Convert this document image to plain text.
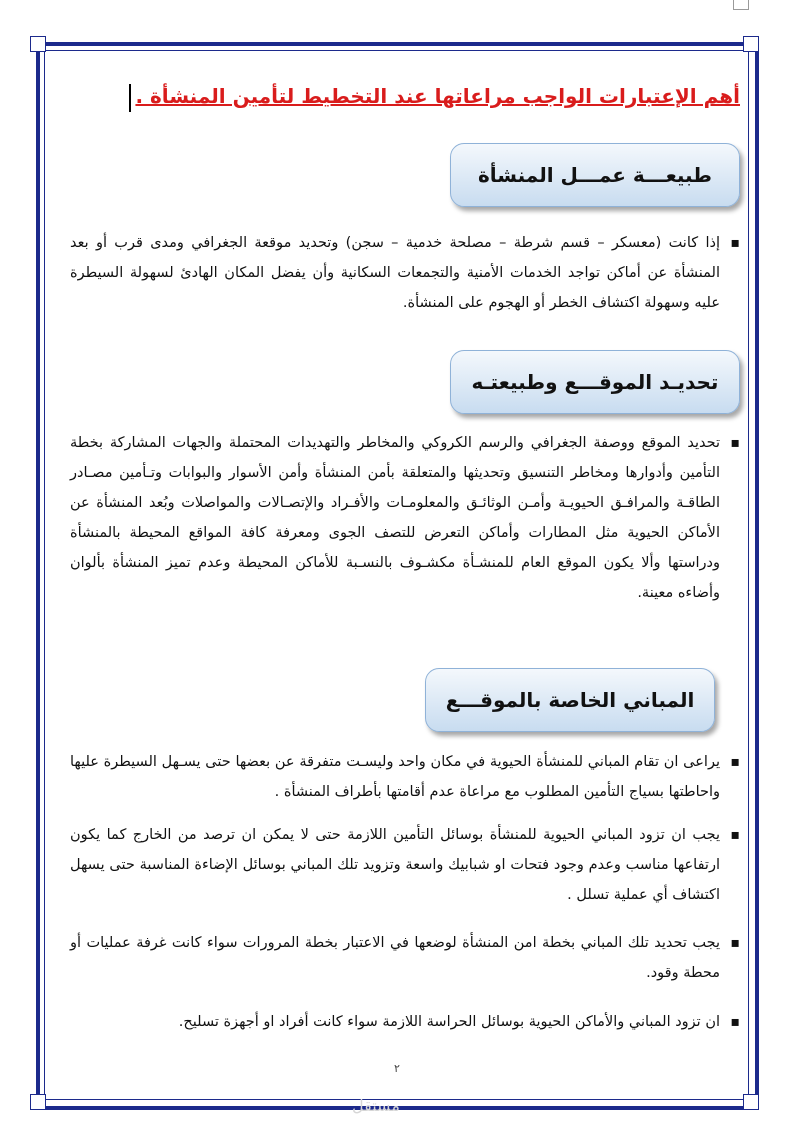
أهم الإعتبارات الواجب مراعاتها عند التخطيط لتأمين المنشأة .
طبيعـــة عمـــل المنشأة

▪ إذا كانت (معسكر – قسم شرطة – مصلحة خدمية – سجن) وتحديد موقعة الجغرافي ومدى قرب أو بعد المنشأة عن أماكن تواجد الخدمات الأمنية والتجمعات السكانية وأن يفضل المكان الهادئ لسهولة السيطرة عليه وسهولة اكتشاف الخطر أو الهجوم على المنشأة.

تحديـد الموقـــع وطبيعتـه

▪ تحديد الموقع ووصفة الجغرافي والرسم الكروكي والمخاطر والتهديدات المحتملة والجهات المشاركة بخطة التأمين وأدوارها ومخاطر التنسيق وتحديثها والمتعلقة بأمن المنشأة وأمن الأسوار والبوابات وتـأمين مصـادر الطاقـة والمرافـق الحيويـة وأمـن الوثائـق والمعلومـات والأفـراد والإتصـالات والمواصلات وبُعد المنشأة عن الأماكن الحيوية مثل المطارات وأماكن التعرض للتصف الجوى ومعرفة كافة المواقع المحيطة بالمنشأة ودراستها وألا يكون الموقع العام للمنشـأة مكشـوف بالنسـبة للأماكن المحيطة وعدم تميز المنشأة بألوان وأضاءه معينة.

المباني الخاصة بالموقـــع

▪ يراعى ان تقام المباني للمنشأة الحيوية في مكان واحد وليسـت متفرقة عن بعضها حتى يسـهل السيطرة عليها واحاطتها بسياج التأمين المطلوب مع مراعاة عدم أقامتها بأطراف المنشأة .

▪ يجب ان تزود المباني الحيوية للمنشأة بوسائل التأمين اللازمة حتى لا يمكن ان ترصد من الخارج كما يكون ارتفاعها مناسب وعدم وجود فتحات او شبابيك واسعة وتزويد تلك المباني بوسائل الإضاءة المناسبة حتى يسهل اكتشاف أي عملية تسلل .

▪ يجب تحديد تلك المباني بخطة امن المنشأة لوضعها في الاعتبار بخطة المرورات سواء كانت غرفة عمليات أو محطة وقود.

▪ ان تزود المباني والأماكن الحيوية بوسائل الحراسة اللازمة سواء كانت أفراد او أجهزة تسليح.

٢
مستقل
